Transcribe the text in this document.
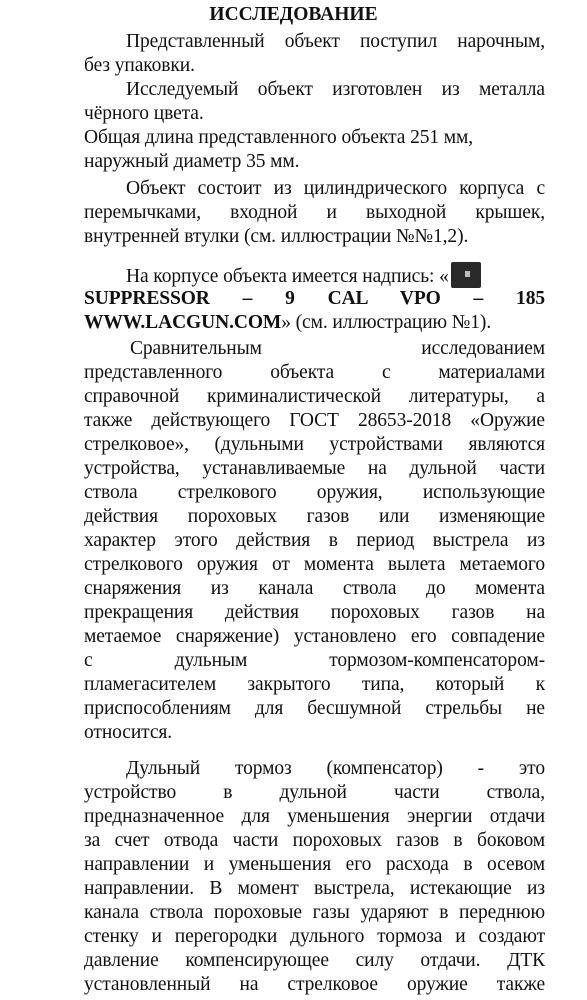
ИССЛЕДОВАНИЕ
Представленный объект поступил нарочным,
без упаковки.
Исследуемый объект изготовлен из металла
чёрного цвета.
Общая длина представленного объекта 251 мм,
наружный диаметр 35 мм.
Объект состоит из цилиндрического корпуса с
перемычками, входной и выходной крышек,
внутренней втулки (см. иллюстрации №№1,2).
На корпусе объекта имеется надпись: «
SUPPRESSOR – 9 CAL VPO – 185
WWW.LACGUN.COM» (см. иллюстрацию №1).
Сравнительным исследованием
представленного объекта с материалами
справочной криминалистической литературы, а
также действующего ГОСТ 28653-2018 «Оружие
стрелковое», (дульными устройствами являются
устройства, устанавливаемые на дульной части
ствола стрелкового оружия, использующие
действия пороховых газов или изменяющие
характер этого действия в период выстрела из
стрелкового оружия от момента вылета метаемого
снаряжения из канала ствола до момента
прекращения действия пороховых газов на
метаемое снаряжение) установлено его совпадение
с дульным тормозом-компенсатором-
пламегасителем закрытого типа, который к
приспособлениям для бесшумной стрельбы не
относится.
Дульный тормоз (компенсатор) - это
устройство в дульной части ствола,
предназначенное для уменьшения энергии отдачи
за счет отвода части пороховых газов в боковом
направлении и уменьшения его расхода в осевом
направлении. В момент выстрела, истекающие из
канала ствола пороховые газы ударяют в переднюю
стенку и перегородки дульного тормоза и создают
давление компенсирующее силу отдачи. ДТК
установленный на стрелковое оружие также
